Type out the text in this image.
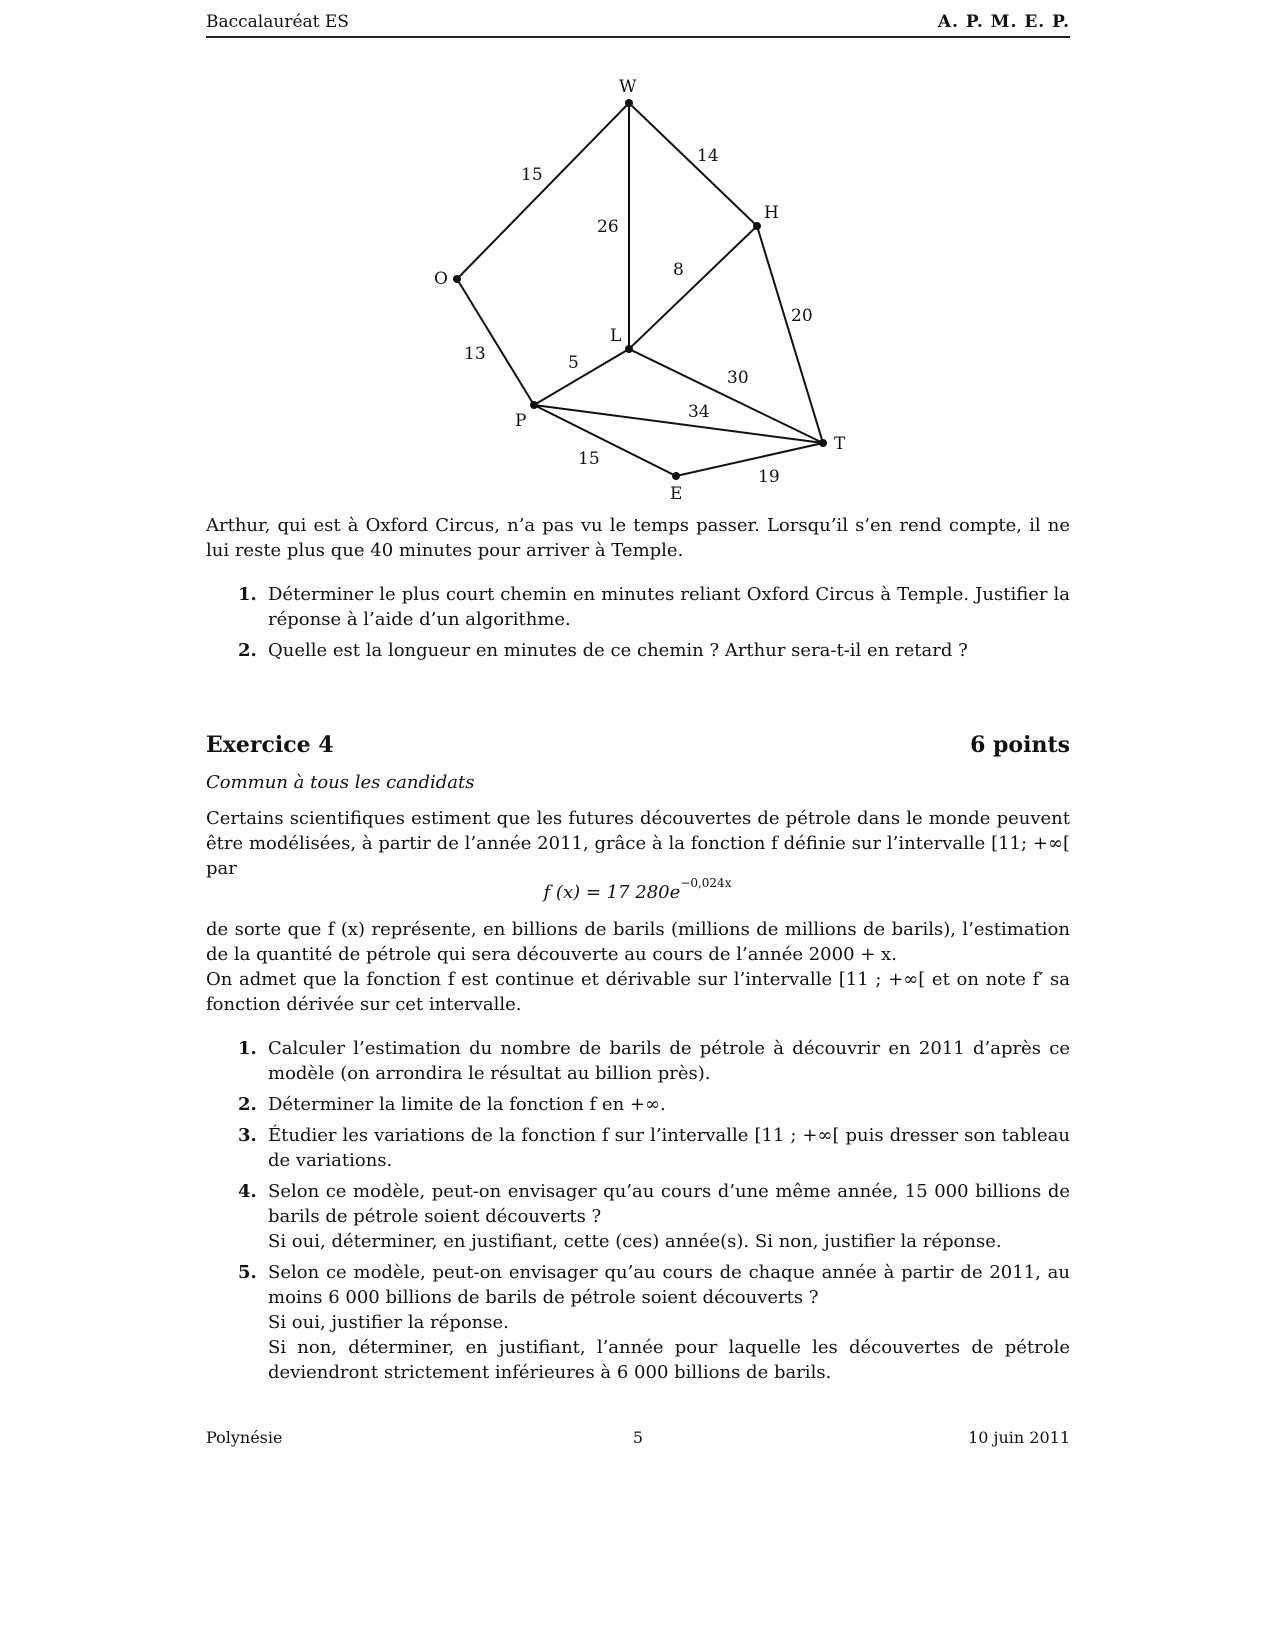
Baccalauréat ES	A. P. M. E. P.
W
H
O
L
P
T
E
15
14
26
8
20
13	5
30
34
15
19
Arthur, qui est à Oxford Circus, n’a pas vu le temps passer. Lorsqu’il s’en rend compte, il ne lui reste plus que 40 minutes pour arriver à Temple.
1. Déterminer le plus court chemin en minutes reliant Oxford Circus à Temple. Justifier la réponse à l’aide d’un algorithme.
2. Quelle est la longueur en minutes de ce chemin ? Arthur sera-t-il en retard ?
Exercice 4	6 points
Commun à tous les candidats
Certains scientifiques estiment que les futures découvertes de pétrole dans le monde peuvent être modélisées, à partir de l’année 2011, grâce à la fonction f définie sur l’intervalle [11; +∞[ par
f (x) = 17 $280e^{-0,024x}$
de sorte que f (x) représente, en billions de barils (millions de millions de barils), l’estimation de la quantité de pétrole qui sera découverte au cours de l’année 2000 + x.
On admet que la fonction f est continue et dérivable sur l’intervalle [11 ; +∞[ et on note f′ sa fonction dérivée sur cet intervalle.
1. Calculer l’estimation du nombre de barils de pétrole à découvrir en 2011 d’après ce modèle (on arrondira le résultat au billion près).
2. Déterminer la limite de la fonction f en +∞.
3. Étudier les variations de la fonction f sur l’intervalle [11 ; +∞[ puis dresser son tableau de variations.
4. Selon ce modèle, peut-on envisager qu’au cours d’une même année, 15 000 billions de barils de pétrole soient découverts ?
Si oui, déterminer, en justifiant, cette (ces) année(s). Si non, justifier la réponse.
5. Selon ce modèle, peut-on envisager qu’au cours de chaque année à partir de 2011, au moins 6 000 billions de barils de pétrole soient découverts ?
Si oui, justifier la réponse.
Si non, déterminer, en justifiant, l’année pour laquelle les découvertes de pétrole deviendront strictement inférieures à 6 000 billions de barils.
Polynésie	5	10 juin 2011
